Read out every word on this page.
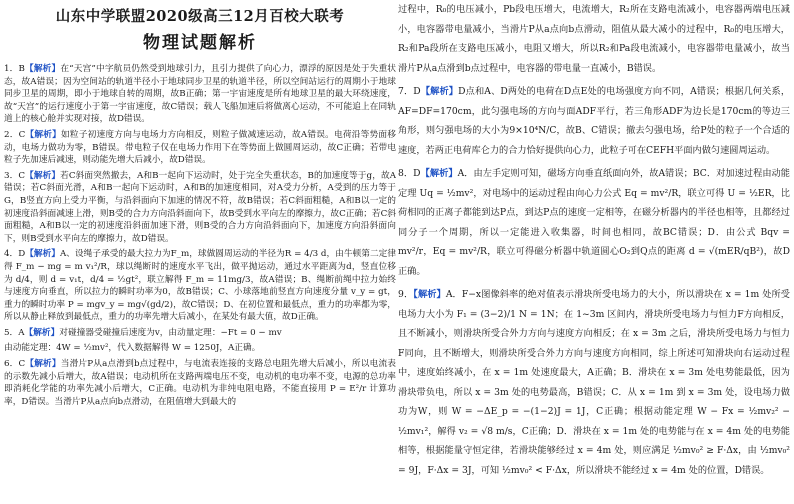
山东中学联盟2020级高三12月百校大联考
物理试题解析

1．B【解析】在“天宫”中字航员仍然受到地球引力，且引力提供了向心力，漂浮的原因是处于失重状态，故A错误；因为空间站的轨道半径小于地球同步卫星的轨道半径，所以空间站运行的周期小于地球同步卫星的周期，即小于地球自转的周期，故B正确；第一宇宙速度是所有地球卫星的最大环绕速度，故“天宫”的运行速度小于第一宇宙速度，故C错误；载人飞船加速后将做离心运动，不可能追上在同轨道上的核心舱并实现对接，故D错误。

2．C【解析】如粒子初速度方向与电场力方向相反，则粒子做减速运动，故A错误。电荷沿等势面移动，电场力做功为零，B错误。带电粒子仅在电场力作用下在等势面上做圆周运动，故C正确；若带电粒子先加速后减速，则动能先增大后减小，故D错误。

3．C【解析】若C斜面突然撤去，A和B一起向下运动时，处于完全失重状态，B的加速度等于g，故A错误；若C斜面光滑，A和B一起向下运动时，A和B的加速度相同，对A受力分析，A受到的压力等于G，B竖直方向上受力平衡，与沿斜面向下加速的情况不符，故B错误；若C斜面粗糙，A和B以一定的初速度沿斜面减速上滑，则B受的合力方向沿斜面向下，故B受到水平向左的摩擦力，故C正确；若C斜面粗糙，A和B以一定的初速度沿斜面加速下滑，则B受的合力方向沿斜面向下，加速度方向沿斜面向下，则B受到水平向左的摩擦力，故D错误。

4．D【解析】A、设绳子承受的最大拉力为F_m，球做圆周运动的半径为R = 4/3 d，由牛顿第二定律得 F_m − mg = m v₁²/R，球以绳断时的速度水平飞出，做平抛运动，通过水平距离为d，竖直位移为 d/4，则 d = v₁t，d/4 = ½gt²，联立解得 F_m = 11mg/3，故A错误；B、绳断前绳中拉力始终与速度方向垂直，所以拉力的瞬时功率为0，故B错误；C、小球落地前竖直方向速度分量 v_y = gt，重力的瞬时功率 P = mgv_y = mg√(gd/2)，故C错误；D、在初位置和最低点，重力的功率都为零，所以从静止释放到最低点，重力的功率先增大后减小，在某处有最大值，故D正确。

5．A【解析】对碰撞器受碰撞后速度为v，由动量定理：−Ft = 0 − mv

由动能定理：4W = ½mv²，代入数据解得 W = 1250J，A正确。

6．C【解析】当滑片P从a点滑到b点过程中，与电流表连接的支路总电阻先增大后减小，所以电流表的示数先减小后增大，故A错误；电动机所在支路两端电压不变，电动机的电功率不变，电源的总功率即消耗化学能的功率先减小后增大，C正确。电动机为非纯电阻电路，不能直接用 P = E²/r 计算功率，D错误。当滑片P从a点向b点滑动，在阻值增大到最大的

过程中，R₀的电压减小，Pb段电压增大，电流增大，R₂所在支路电流减小，电容器两端电压减小，电容器带电量减小，当滑片P从a点向b点滑动，阻值从最大减小的过程中，R₀的电压增大，R₂和Pa段所在支路电压减小，电阻又增大，所以R₂和Pa段电流减小，电容器带电量减小，故当滑片P从a点滑到b点过程中，电容器的带电量一直减小，B错误。

7．D【解析】D点和A、D两处的电荷在D点E处的电场强度方向不同，A错误；根据几何关系，AF=DF=170cm，此匀强电场的方向与面ADF平行，若三角形ADF为边长是170cm的等边三角形，则匀强电场的大小为9×10⁴N/C，故B、C错误；撤去匀强电场，给P处的粒子一个合适的速度，若两正电荷库仑力的合力恰好提供向心力，此粒子可在CEFH平面内做匀速圆周运动。

8．D【解析】A．由左手定则可知，磁场方向垂直纸面向外，故A错误；BC．对加速过程由动能定理 Uq = ½mv²，对电场中的运动过程由向心力公式 Eq = mv²/R，联立可得 U = ½ER，比荷相同的正离子都能到达P点，到达P点的速度一定相等，在磁分析器内的半径也相等，且都经过同分子一个周期，所以一定能进入收集器，时间也相同，故BC错误；D．由公式 Bqv = mv²/r，Eq = mv²/R，联立可得磁分析器中轨道圆心O₂到Q点的距离 d = √(mER/qB²)，故D正确。

9．【解析】A．F−x图像斜率的绝对值表示滑块所受电场力的大小，所以滑块在 x = 1m 处所受电场力大小为 F₁ = (3−2)/1 N = 1N；在 1~3m 区间内，滑块所受电场力与恒力F方向相反，且不断减小，则滑块所受合外力方向与速度方向相反；在 x = 3m 之后，滑块所受电场力与恒力F同向，且不断增大，则滑块所受合外力方向与速度方向相同，综上所述可知滑块向右运动过程中，速度始终减小，在 x = 1m 处速度最大，A正确；B．滑块在 x = 3m 处电势能最低，因为滑块带负电，所以 x = 3m 处的电势最高，B错误；C．从 x = 1m 到 x = 3m 处，设电场力做功为W，则 W = −ΔE_p = −(1−2)J = 1J，C正确；根据动能定理 W − Fx = ½mv₂² − ½mv₁²，解得 v₂ = √8 m/s，C正确；D．滑块在 x = 1m 处的电势能与在 x = 4m 处的电势能相等，根据能量守恒定律，若滑块能够经过 x = 4m 处，则应满足 ½mv₀² ≥ F·Δx，由 ½mv₀² = 9J，F·Δx = 3J，可知 ½mv₀² < F·Δx，所以滑块不能经过 x = 4m 处的位置，D错误。
